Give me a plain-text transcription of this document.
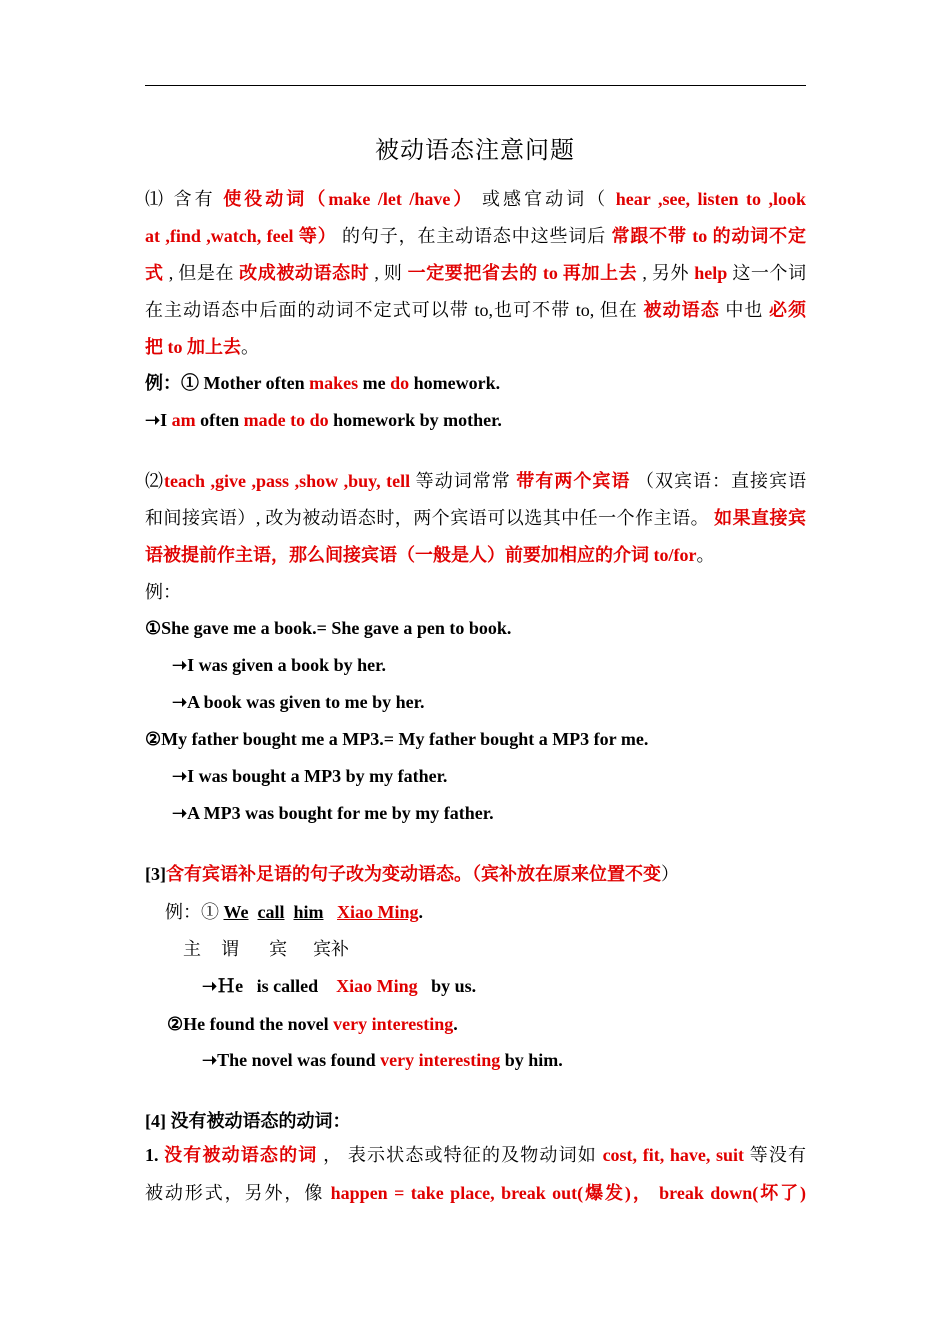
被动语态注意问题
⑴ 含有 使役动词（make /let /have） 或感官动词（ hear ,see, listen to ,look
at ,find ,watch, feel 等） 的句子，在主动语态中这些词后 常跟不带 to 的动词不定
式 , 但是在 改成被动语态时 , 则 一定要把省去的 to 再加上去 , 另外 help 这一个词
在主动语态中后面的动词不定式可以带 to,也可不带 to, 但在 被动语态 中也 必须
把 to 加上去。
例：① Mother often makes me do homework.
➝I am often made to do homework by mother.
⑵teach ,give ,pass ,show ,buy, tell 等动词常常 带有两个宾语 （双宾语：直接宾语
和间接宾语）, 改为被动语态时，两个宾语可以选其中任一个作主语。 如果直接宾
语被提前作主语，那么间接宾语（一般是人）前要加相应的介词 to/for。
例：
①She gave me a book.= She gave a pen to book.
➝I was given a book by her.
➝A book was given to me by her.
②My father bought me a MP3.= My father bought a MP3 for me.
➝I was bought a MP3 by my father.
➝A MP3 was bought for me by my father.
[3]含有宾语补足语的句子改为变动语态。（宾补放在原来位置不变）
例：① We call him Xiao Ming.
主 谓 宾 宾补
➝Ｈe is called Xiao Ming by us.
②He found the novel very interesting.
➝The novel was found very interesting by him.
[4] 没有被动语态的动词：
1. 没有被动语态的词 ， 表示状态或特征的及物动词如 cost, fit, have, suit 等没有
被动形式，另外，像 happen = take place, break out(爆发)， break down(坏了)
